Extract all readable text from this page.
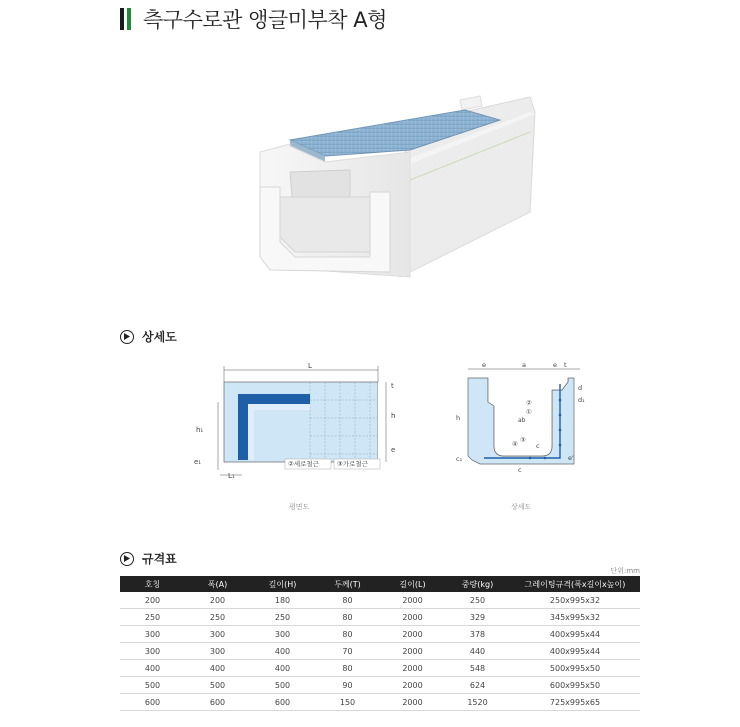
측구수로관 앵글미부착 A형
상세도
L
h₁
e₁
L₁
t
h
e
②세로철근	③가로철근
평면도
e	a	e t
d
d₁
h
c₁
c
c
e'
②
①
ab
③
④
상세도
규격표
단위:mm
호칭	폭(A)	깊이(H)	두께(T)	길이(L)	중량(kg)	그레이팅규격(폭x길이x높이)
200	200	180	80	2000	250	250x995x32
250	250	250	80	2000	329	345x995x32
300	300	300	80	2000	378	400x995x44
300	300	400	70	2000	440	400x995x44
400	400	400	80	2000	548	500x995x50
500	500	500	90	2000	624	600x995x50
600	600	600	150	2000	1520	725x995x65
